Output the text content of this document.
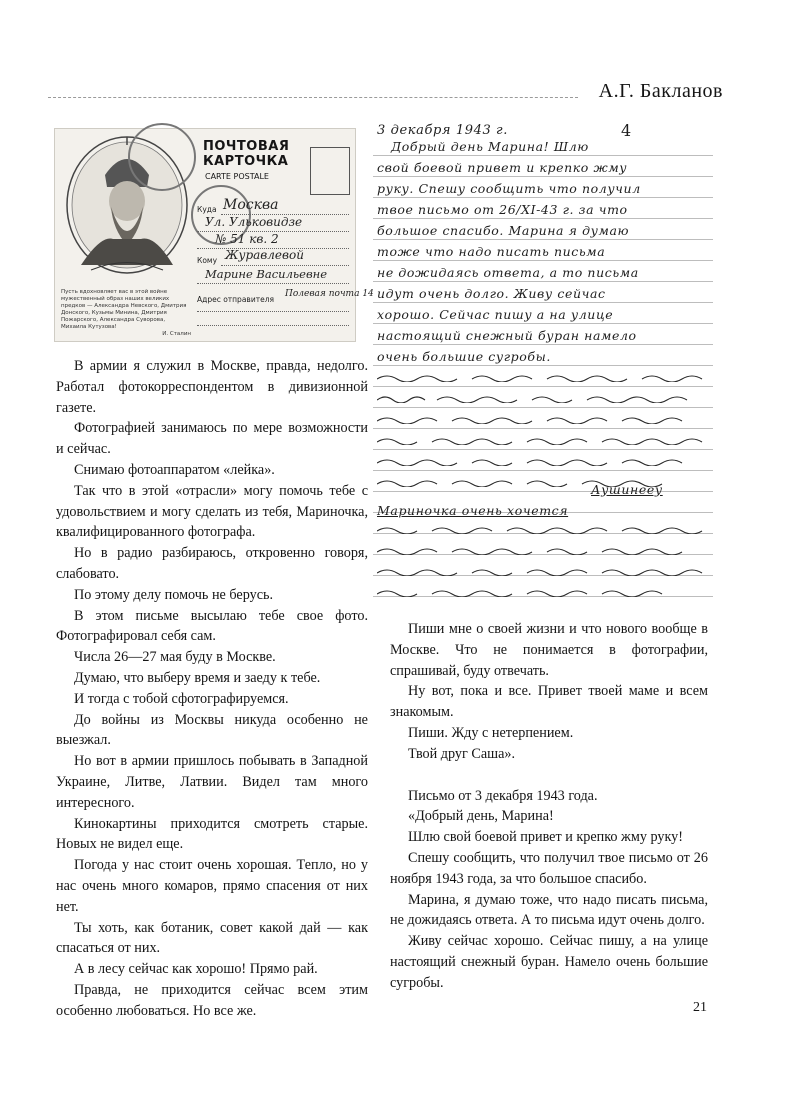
А.Г. Бакланов
Пусть вдохновляет вас в этой войне мужественный образ наших великих предков — Александра Невского, Дмитрия Донского, Кузьмы Минина, Дмитрия Пожарского, Александра Суворова, Михаила Кутузова!
И. Сталин
ПОЧТОВАЯ
КАРТОЧКА
CARTE POSTALE
Куда Москва
Ул. Ульковидзе
№ 51 кв. 2
Кому Журавлевой
Марине Васильевне
Адрес отправителя
Полевая почта 14

В армии я служил в Москве, правда, недолго. Работал фотокорреспондентом в дивизионной газете.

Фотографией занимаюсь по мере возможности и сейчас.

Снимаю фотоаппаратом «лейка».

Так что в этой «отрасли» могу помочь тебе с удовольствием и могу сделать из тебя, Мариночка, квалифицированного фотографа.

Но в радио разбираюсь, откровенно говоря, слабовато.

По этому делу помочь не берусь.

В этом письме высылаю тебе свое фото. Фотографировал себя сам.

Числа 26—27 мая буду в Москве.

Думаю, что выберу время и заеду к тебе.

И тогда с тобой сфотографируемся.

До войны из Москвы никуда особенно не выезжал.

Но вот в армии пришлось побывать в Западной Украине, Литве, Латвии. Видел там много интересного.

Кинокартины приходится смотреть старые. Новых не видел еще.

Погода у нас стоит очень хорошая. Тепло, но у нас очень много комаров, прямо спасения от них нет.

Ты хоть, как ботаник, совет какой дай — как спасаться от них.

А в лесу сейчас как хорошо! Прямо рай.

Правда, не приходится сейчас всем этим особенно любоваться. Но все же.

3 декабря 1943 г.	4
Добрый день Марина! Шлю
свой боевой привет и крепко жму
руку. Спешу сообщить что получил
твое письмо от 26/XI-43 г. за что
большое спасибо. Марина я думаю
тоже что надо писать письма
не дожидаясь ответа, а то письма
идут очень долго. Живу сейчас
хорошо. Сейчас пишу а на улице
настоящий снежный буран намело
очень большие сугробы.
Аушинееу
Мариночка очень хочется

Пиши мне о своей жизни и что нового вообще в Москве. Что не понимается в фотографии, спрашивай, буду отвечать.

Ну вот, пока и все. Привет твоей маме и всем знакомым.

Пиши. Жду с нетерпением.

Твой друг Саша».

Письмо от 3 декабря 1943 года.

«Добрый день, Марина!

Шлю свой боевой привет и крепко жму руку!

Спешу сообщить, что получил твое письмо от 26 ноября 1943 года, за что большое спасибо.

Марина, я думаю тоже, что надо писать письма, не дожидаясь ответа. А то письма идут очень долго.

Живу сейчас хорошо. Сейчас пишу, а на улице настоящий снежный буран. Намело очень большие сугробы.

21
